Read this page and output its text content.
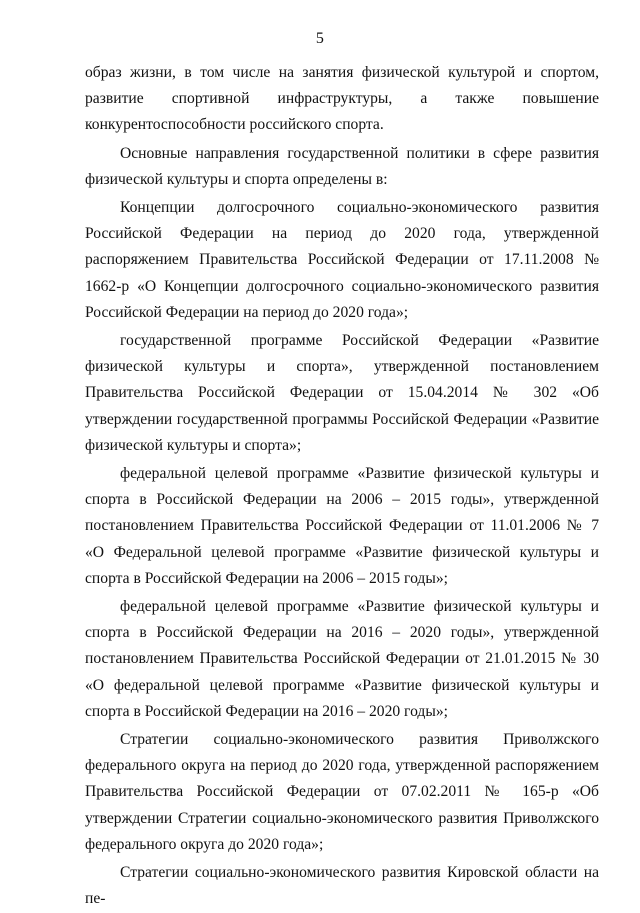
5

образ жизни, в том числе на занятия физической культурой и спортом, развитие спортивной инфраструктуры, а также повышение конкурентоспособности российского спорта.

Основные направления государственной политики в сфере развития физической культуры и спорта определены в:

Концепции долгосрочного социально-экономического развития Российской Федерации на период до 2020 года, утвержденной распоряжением Правительства Российской Федерации от 17.11.2008 № 1662-р «О Концепции долгосрочного социально-экономического развития Российской Федерации на период до 2020 года»;

государственной программе Российской Федерации «Развитие физической культуры и спорта», утвержденной постановлением Правительства Российской Федерации от 15.04.2014 № 302 «Об утверждении государственной программы Российской Федерации «Развитие физической культуры и спорта»;

федеральной целевой программе «Развитие физической культуры и спорта в Российской Федерации на 2006 – 2015 годы», утвержденной постановлением Правительства Российской Федерации от 11.01.2006 № 7 «О Федеральной целевой программе «Развитие физической культуры и спорта в Российской Федерации на 2006 – 2015 годы»;

федеральной целевой программе «Развитие физической культуры и спорта в Российской Федерации на 2016 – 2020 годы», утвержденной постановлением Правительства Российской Федерации от 21.01.2015 № 30 «О федеральной целевой программе «Развитие физической культуры и спорта в Российской Федерации на 2016 – 2020 годы»;

Стратегии социально-экономического развития Приволжского федерального округа на период до 2020 года, утвержденной распоряжением Правительства Российской Федерации от 07.02.2011 № 165-р «Об утверждении Стратегии социально-экономического развития Приволжского федерального округа до 2020 года»;

Стратегии социально-экономического развития Кировской области на пе-
